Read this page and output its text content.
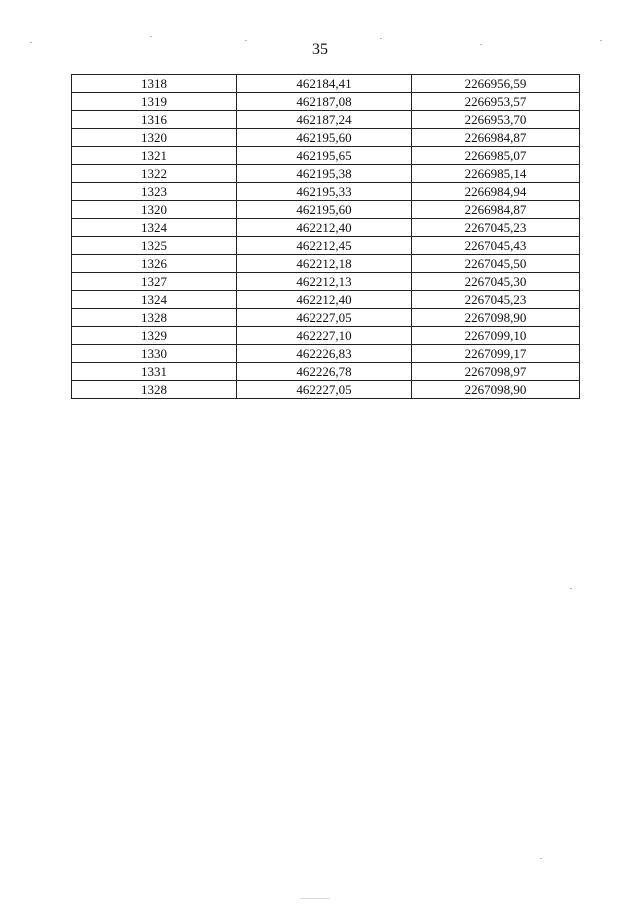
35
1318	462184,41	2266956,59
1319	462187,08	2266953,57
1316	462187,24	2266953,70
1320	462195,60	2266984,87
1321	462195,65	2266985,07
1322	462195,38	2266985,14
1323	462195,33	2266984,94
1320	462195,60	2266984,87
1324	462212,40	2267045,23
1325	462212,45	2267045,43
1326	462212,18	2267045,50
1327	462212,13	2267045,30
1324	462212,40	2267045,23
1328	462227,05	2267098,90
1329	462227,10	2267099,10
1330	462226,83	2267099,17
1331	462226,78	2267098,97
1328	462227,05	2267098,90
